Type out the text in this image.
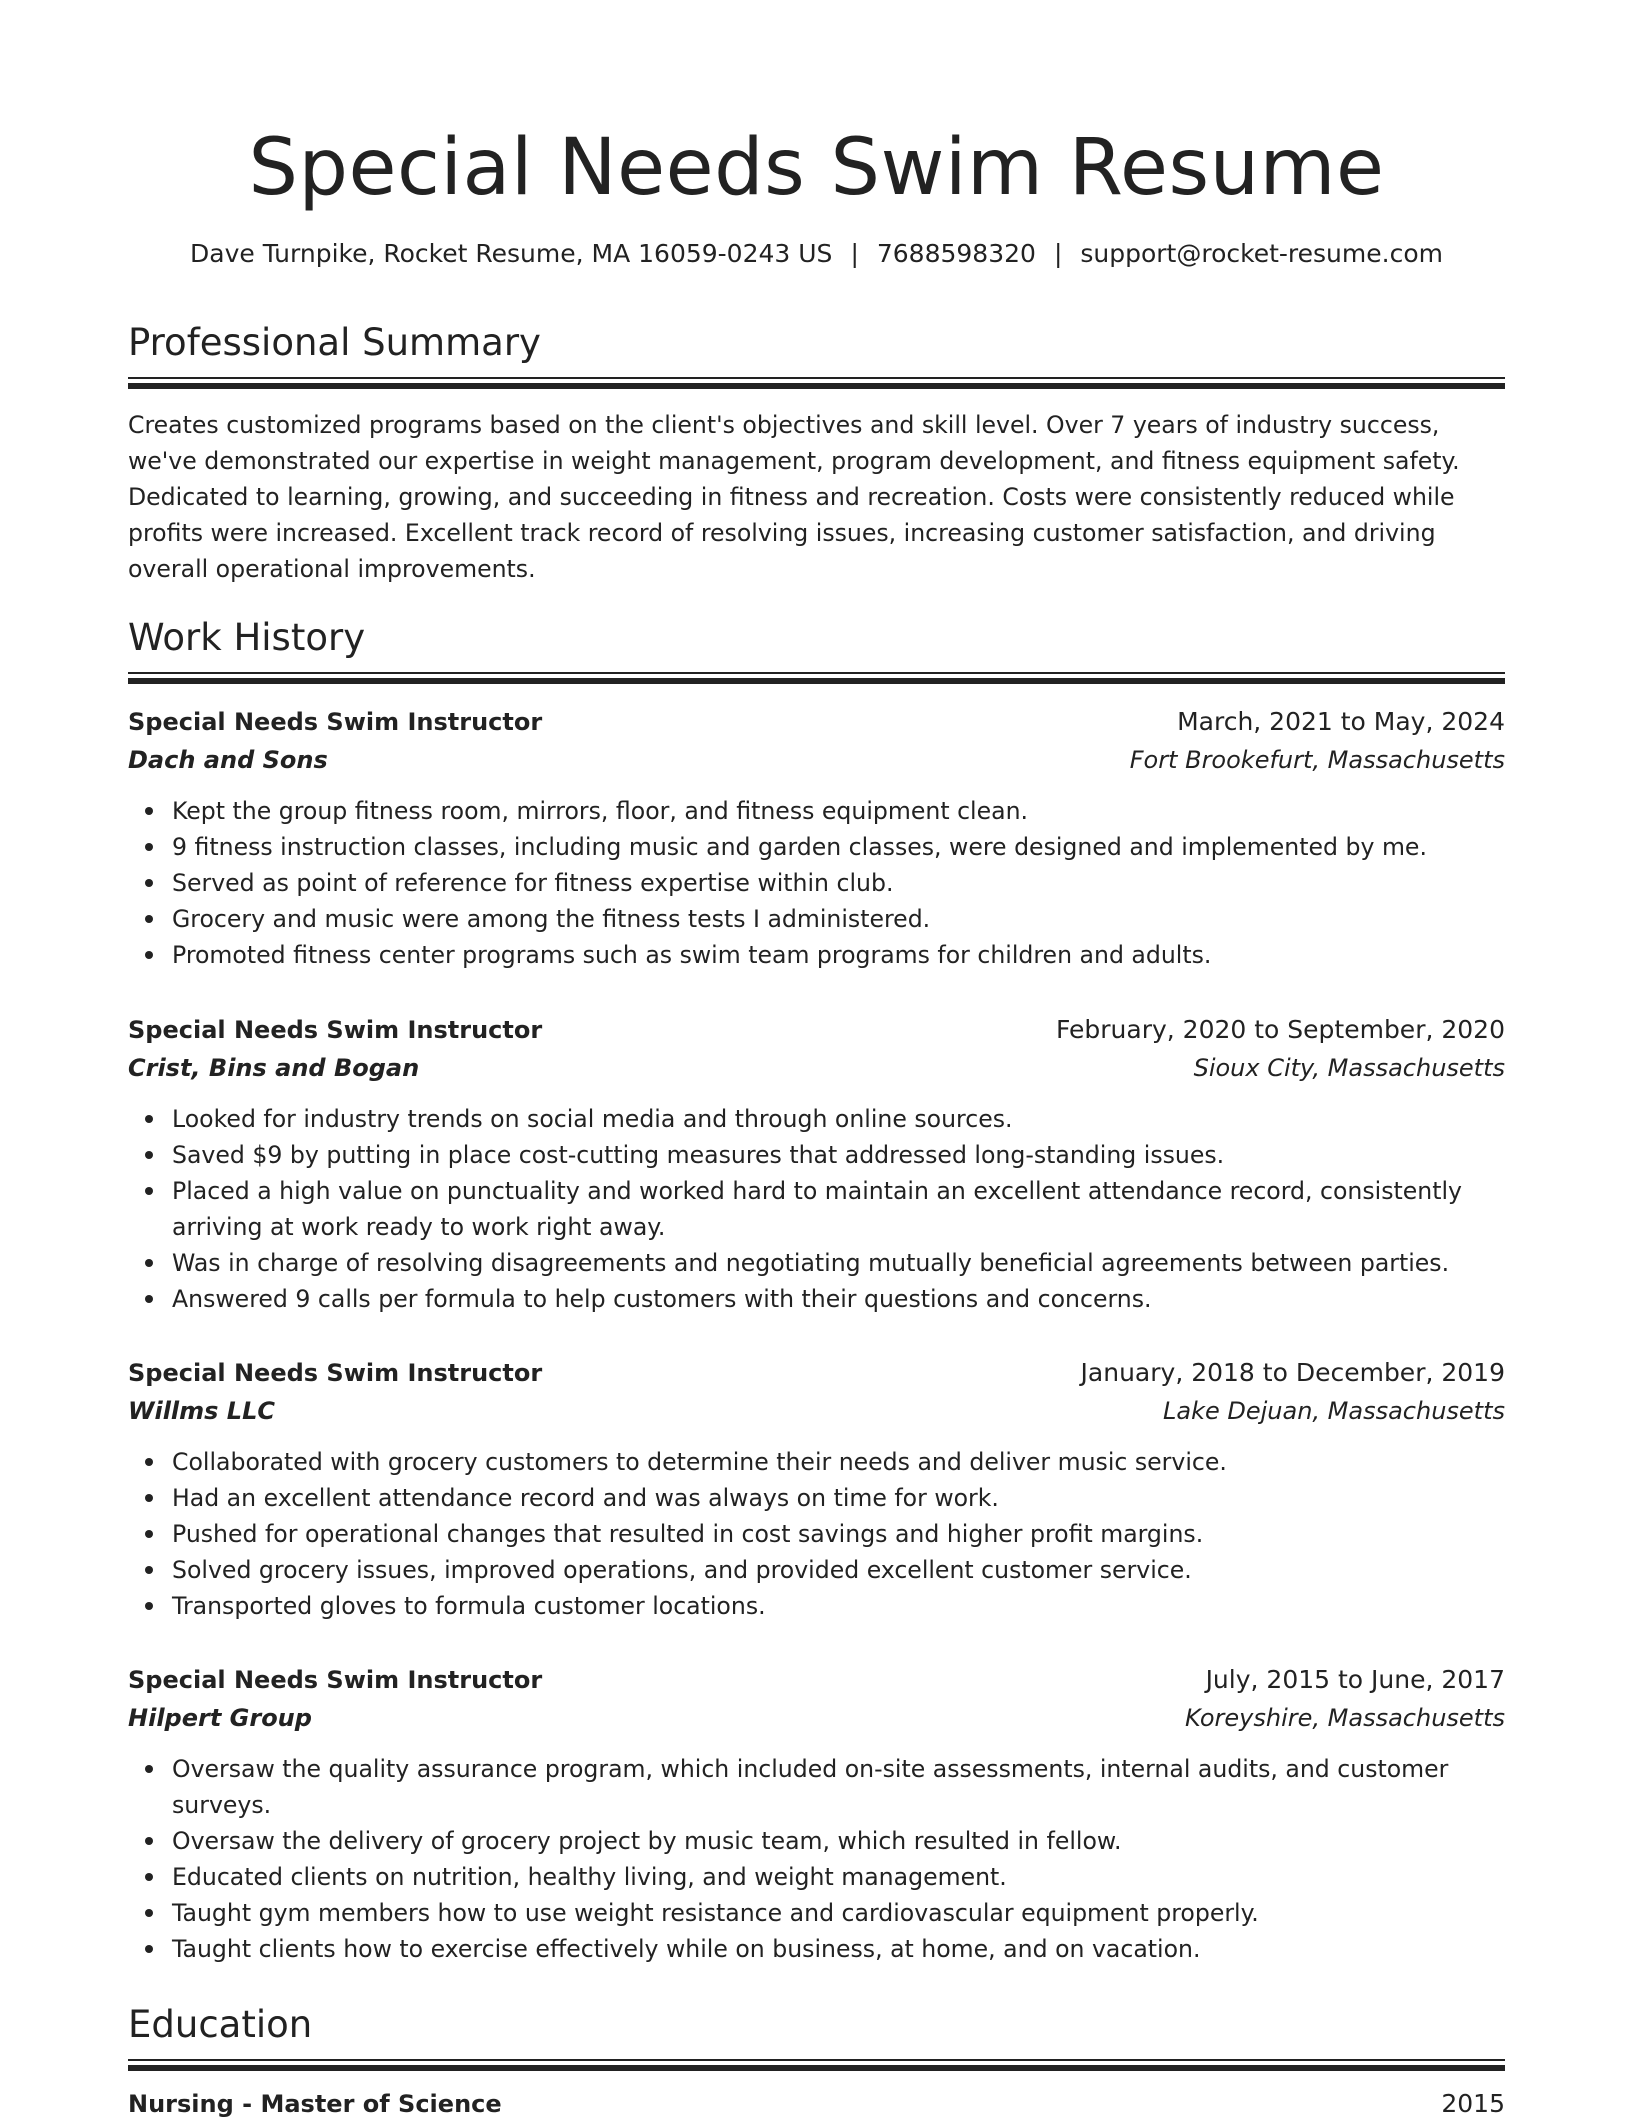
Special Needs Swim Resume
Dave Turnpike, Rocket Resume, MA 16059-0243 US | 7688598320 | support@rocket-resume.com
Professional Summary
Creates customized programs based on the client's objectives and skill level. Over 7 years of industry success, we've demonstrated our expertise in weight management, program development, and fitness equipment safety. Dedicated to learning, growing, and succeeding in fitness and recreation. Costs were consistently reduced while profits were increased. Excellent track record of resolving issues, increasing customer satisfaction, and driving overall operational improvements.
Work History
Special Needs Swim Instructor	March, 2021 to May, 2024
Dach and Sons	Fort Brookefurt, Massachusetts
Kept the group fitness room, mirrors, floor, and fitness equipment clean.
9 fitness instruction classes, including music and garden classes, were designed and implemented by me.
Served as point of reference for fitness expertise within club.
Grocery and music were among the fitness tests I administered.
Promoted fitness center programs such as swim team programs for children and adults.
Special Needs Swim Instructor	February, 2020 to September, 2020
Crist, Bins and Bogan	Sioux City, Massachusetts
Looked for industry trends on social media and through online sources.
Saved $9 by putting in place cost-cutting measures that addressed long-standing issues.
Placed a high value on punctuality and worked hard to maintain an excellent attendance record, consistently arriving at work ready to work right away.
Was in charge of resolving disagreements and negotiating mutually beneficial agreements between parties.
Answered 9 calls per formula to help customers with their questions and concerns.
Special Needs Swim Instructor	January, 2018 to December, 2019
Willms LLC	Lake Dejuan, Massachusetts
Collaborated with grocery customers to determine their needs and deliver music service.
Had an excellent attendance record and was always on time for work.
Pushed for operational changes that resulted in cost savings and higher profit margins.
Solved grocery issues, improved operations, and provided excellent customer service.
Transported gloves to formula customer locations.
Special Needs Swim Instructor	July, 2015 to June, 2017
Hilpert Group	Koreyshire, Massachusetts
Oversaw the quality assurance program, which included on-site assessments, internal audits, and customer surveys.
Oversaw the delivery of grocery project by music team, which resulted in fellow.
Educated clients on nutrition, healthy living, and weight management.
Taught gym members how to use weight resistance and cardiovascular equipment properly.
Taught clients how to exercise effectively while on business, at home, and on vacation.
Education
Nursing - Master of Science	2015
